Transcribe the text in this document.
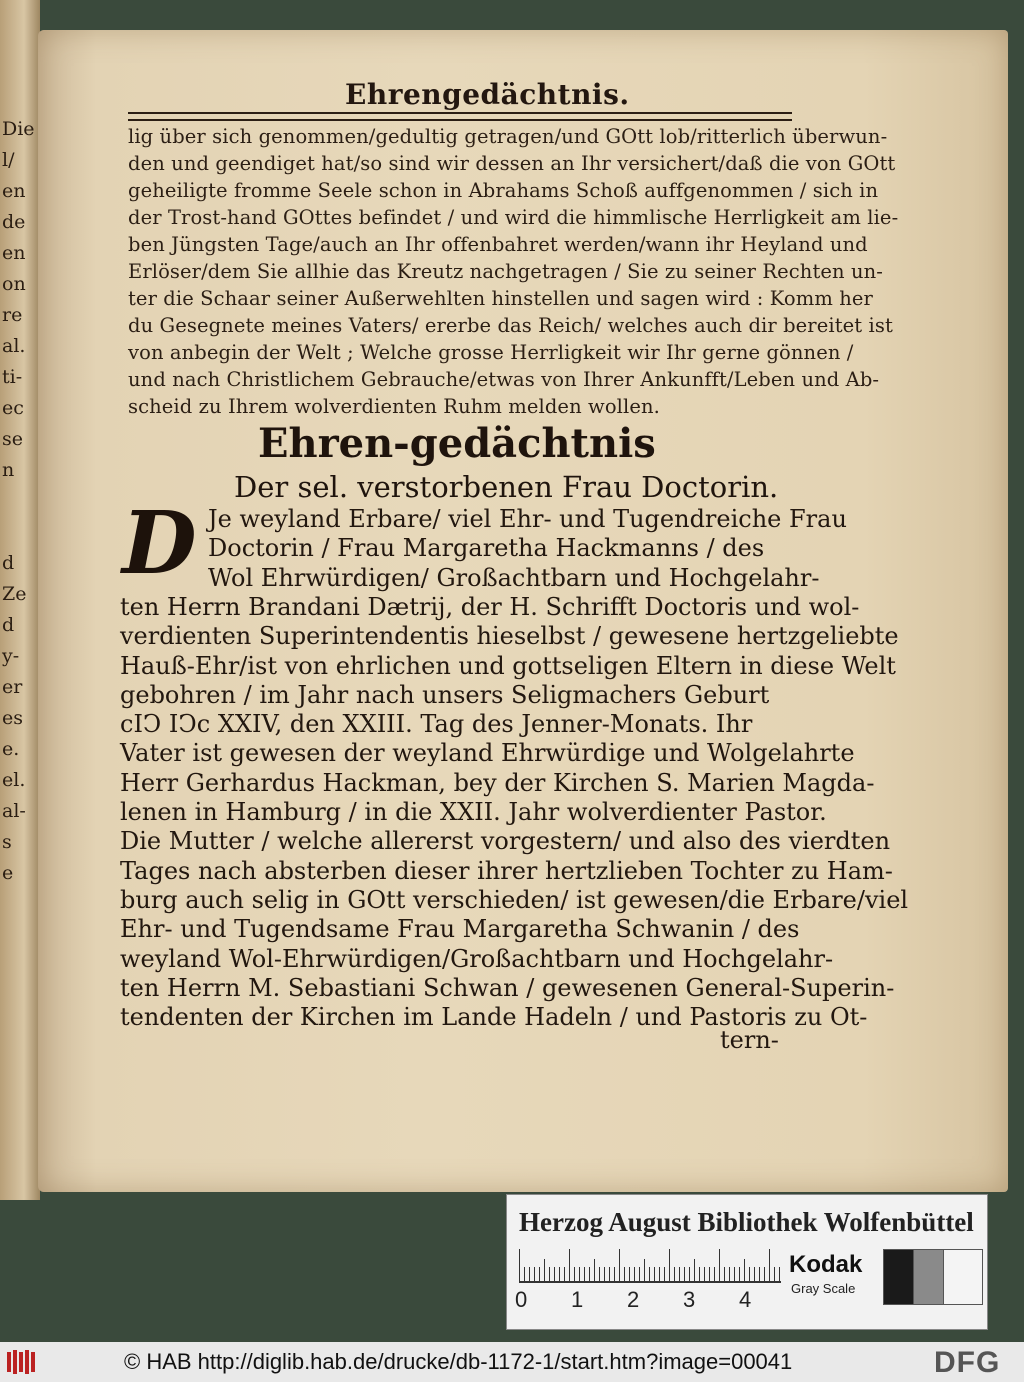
Die
l/
en
de
en
on
re
al.
ti-
ec
se
n
d
Ze
d
y-
er
es
e.
el.
al-
s
e
Ehrengedächtnis.
lig über sich genommen/gedultig getragen/und GOtt lob/ritterlich überwun-
den und geendiget hat/so sind wir dessen an Ihr versichert/daß die von GOtt
geheiligte fromme Seele schon in Abrahams Schoß auffgenommen / sich in
der Trost-hand GOttes befindet / und wird die himmlische Herrligkeit am lie-
ben Jüngsten Tage/auch an Ihr offenbahret werden/wann ihr Heyland und
Erlöser/dem Sie allhie das Kreutz nachgetragen / Sie zu seiner Rechten un-
ter die Schaar seiner Außerwehlten hinstellen und sagen wird : Komm her
du Gesegnete meines Vaters/ ererbe das Reich/ welches auch dir bereitet ist
von anbegin der Welt ; Welche grosse Herrligkeit wir Ihr gerne gönnen /
und nach Christlichem Gebrauche/etwas von Ihrer Ankunfft/Leben und Ab-
scheid zu Ihrem wolverdienten Ruhm melden wollen.
Ehren-gedächtnis
Der sel. verstorbenen Frau Doctorin.
D Je weyland Erbare/ viel Ehr- und Tugendreiche Frau
Doctorin / Frau Margaretha Hackmanns / des
Wol Ehrwürdigen/ Großachtbarn und Hochgelahr-
ten Herrn Brandani Dætrij, der H. Schrifft Doctoris und wol-
verdienten Superintendentis hieselbst / gewesene hertzgeliebte
Hauß-Ehr/ist von ehrlichen und gottseligen Eltern in diese Welt
gebohren / im Jahr nach unsers Seligmachers Geburt
cIↃ IↃc XXIV, den XXIII. Tag des Jenner-Monats. Ihr
Vater ist gewesen der weyland Ehrwürdige und Wolgelahrte
Herr Gerhardus Hackman, bey der Kirchen S. Marien Magda-
lenen in Hamburg / in die XXII. Jahr wolverdienter Pastor.
Die Mutter / welche allererst vorgestern/ und also des vierdten
Tages nach absterben dieser ihrer hertzlieben Tochter zu Ham-
burg auch selig in GOtt verschieden/ ist gewesen/die Erbare/viel
Ehr- und Tugendsame Frau Margaretha Schwanin / des
weyland Wol-Ehrwürdigen/Großachtbarn und Hochgelahr-
ten Herrn M. Sebastiani Schwan / gewesenen General-Superin-
tendenten der Kirchen im Lande Hadeln / und Pastoris zu Ot-
tern-
Herzog August Bibliothek Wolfenbüttel
0 1 2 3 4
Kodak
Gray Scale
© HAB http://diglib.hab.de/drucke/db-1172-1/start.htm?image=00041	DFG
